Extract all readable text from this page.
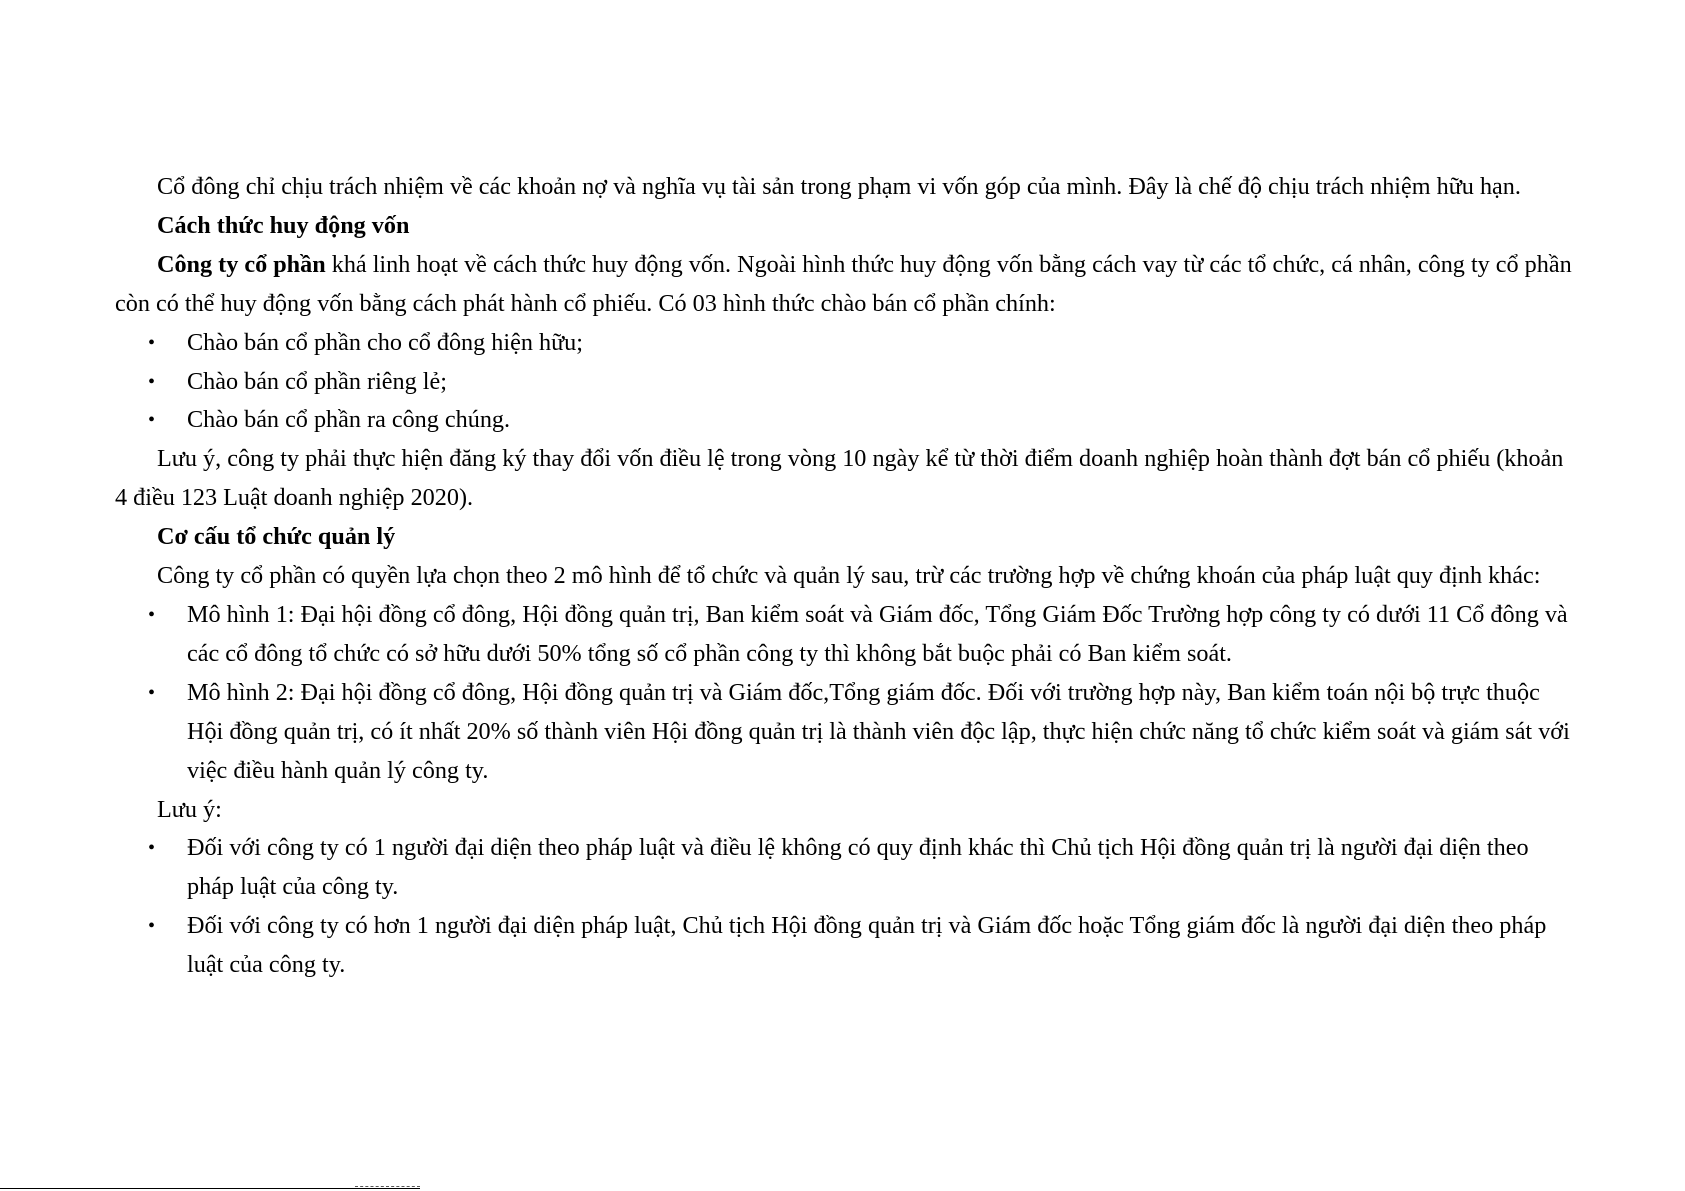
Cổ đông chỉ chịu trách nhiệm về các khoản nợ và nghĩa vụ tài sản trong phạm vi vốn góp của mình. Đây là chế độ chịu trách nhiệm hữu hạn.

Cách thức huy động vốn

Công ty cổ phần khá linh hoạt về cách thức huy động vốn. Ngoài hình thức huy động vốn bằng cách vay từ các tổ chức, cá nhân, công ty cổ phần còn có thể huy động vốn bằng cách phát hành cổ phiếu. Có 03 hình thức chào bán cổ phần chính:

• Chào bán cổ phần cho cổ đông hiện hữu;
• Chào bán cổ phần riêng lẻ;
• Chào bán cổ phần ra công chúng.

Lưu ý, công ty phải thực hiện đăng ký thay đổi vốn điều lệ trong vòng 10 ngày kể từ thời điểm doanh nghiệp hoàn thành đợt bán cổ phiếu (khoản 4 điều 123 Luật doanh nghiệp 2020).

Cơ cấu tổ chức quản lý

Công ty cổ phần có quyền lựa chọn theo 2 mô hình để tổ chức và quản lý sau, trừ các trường hợp về chứng khoán của pháp luật quy định khác:

• Mô hình 1: Đại hội đồng cổ đông, Hội đồng quản trị, Ban kiểm soát và Giám đốc, Tổng Giám Đốc Trường hợp công ty có dưới 11 Cổ đông và các cổ đông tổ chức có sở hữu dưới 50% tổng số cổ phần công ty thì không bắt buộc phải có Ban kiểm soát.
• Mô hình 2: Đại hội đồng cổ đông, Hội đồng quản trị và Giám đốc,Tổng giám đốc. Đối với trường hợp này, Ban kiểm toán nội bộ trực thuộc Hội đồng quản trị, có ít nhất 20% số thành viên Hội đồng quản trị là thành viên độc lập, thực hiện chức năng tổ chức kiểm soát và giám sát với việc điều hành quản lý công ty.

Lưu ý:

• Đối với công ty có 1 người đại diện theo pháp luật và điều lệ không có quy định khác thì Chủ tịch Hội đồng quản trị là người đại diện theo pháp luật của công ty.
• Đối với công ty có hơn 1 người đại diện pháp luật, Chủ tịch Hội đồng quản trị và Giám đốc hoặc Tổng giám đốc là người đại diện theo pháp luật của công ty.
